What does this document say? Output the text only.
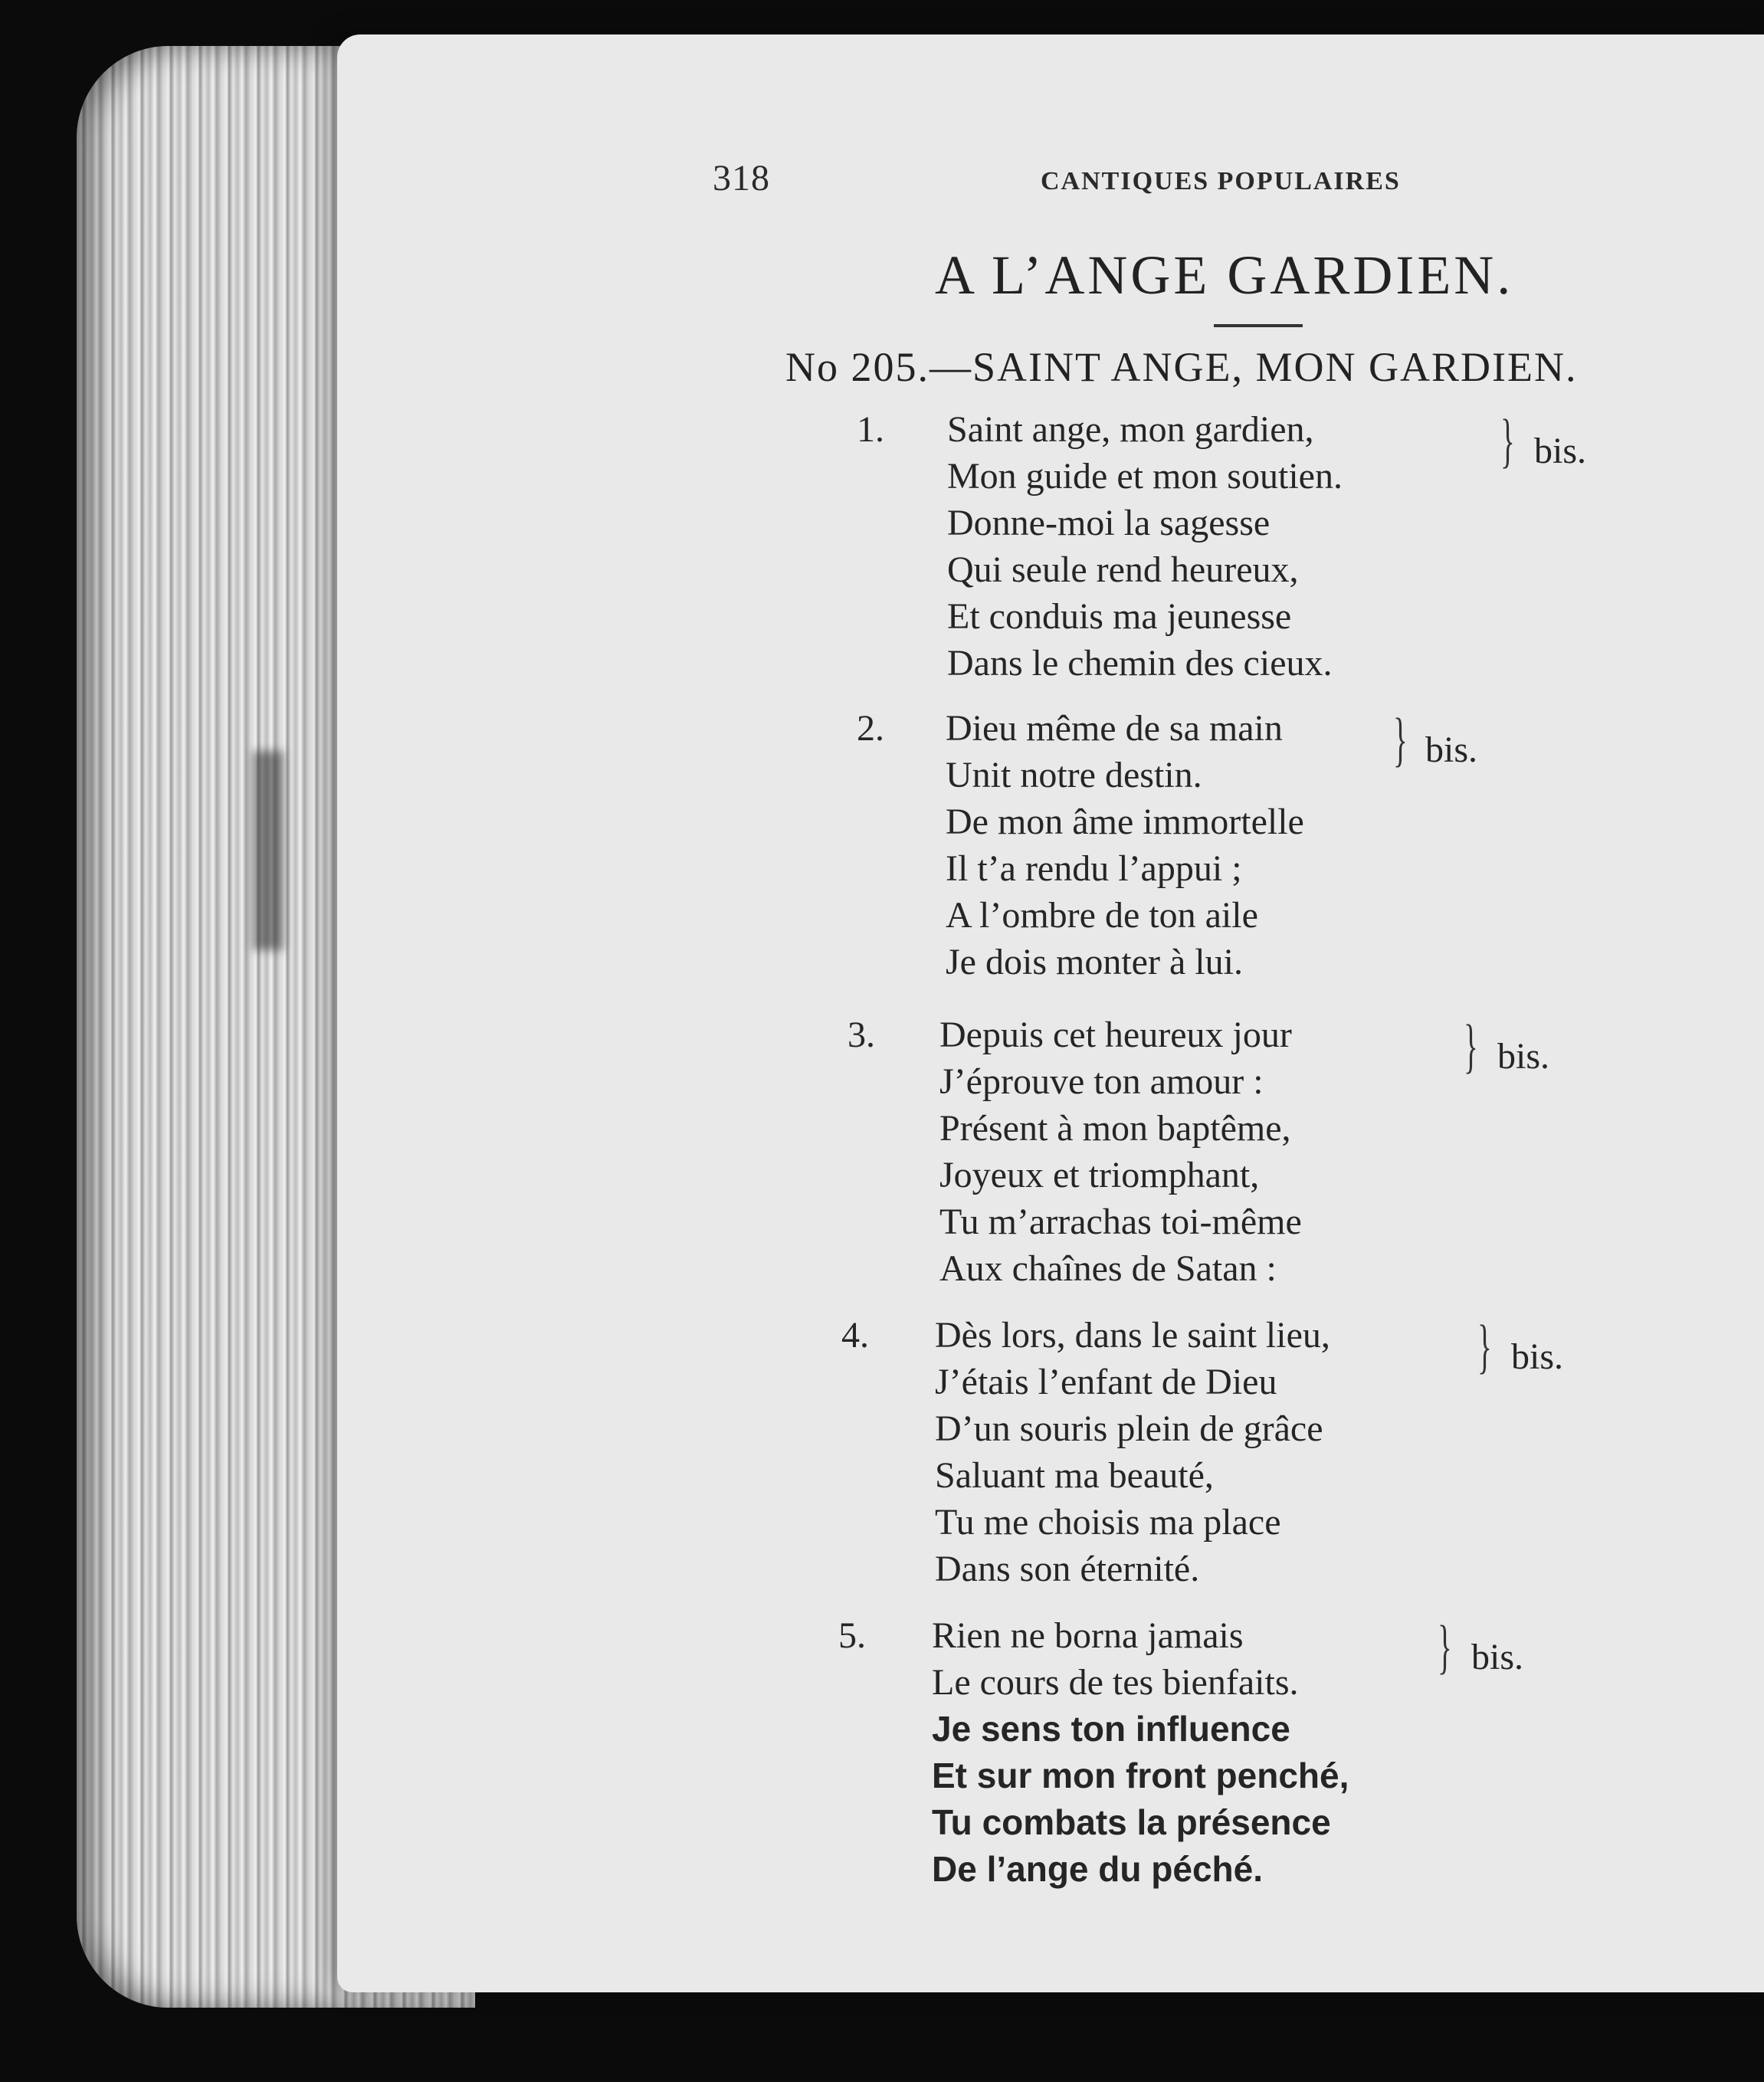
318	CANTIQUES POPULAIRES
A L’ANGE GARDIEN.
No 205.—SAINT ANGE, MON GARDIEN.
1. Saint ange, mon gardien,
Mon guide et mon soutien.
Donne-moi la sagesse
Qui seule rend heureux,
Et conduis ma jeunesse
Dans le chemin des cieux.
} bis.
2. Dieu même de sa main
Unit notre destin.
De mon âme immortelle
Il t’a rendu l’appui ;
A l’ombre de ton aile
Je dois monter à lui.
} bis.
3. Depuis cet heureux jour
J’éprouve ton amour :
Présent à mon baptême,
Joyeux et triomphant,
Tu m’arrachas toi-même
Aux chaînes de Satan :
} bis.
4. Dès lors, dans le saint lieu,
J’étais l’enfant de Dieu
D’un souris plein de grâce
Saluant ma beauté,
Tu me choisis ma place
Dans son éternité.
} bis.
5. Rien ne borna jamais
Le cours de tes bienfaits.
Je sens ton influence
Et sur mon front penché,
Tu combats la présence
De l’ange du péché.
} bis.
